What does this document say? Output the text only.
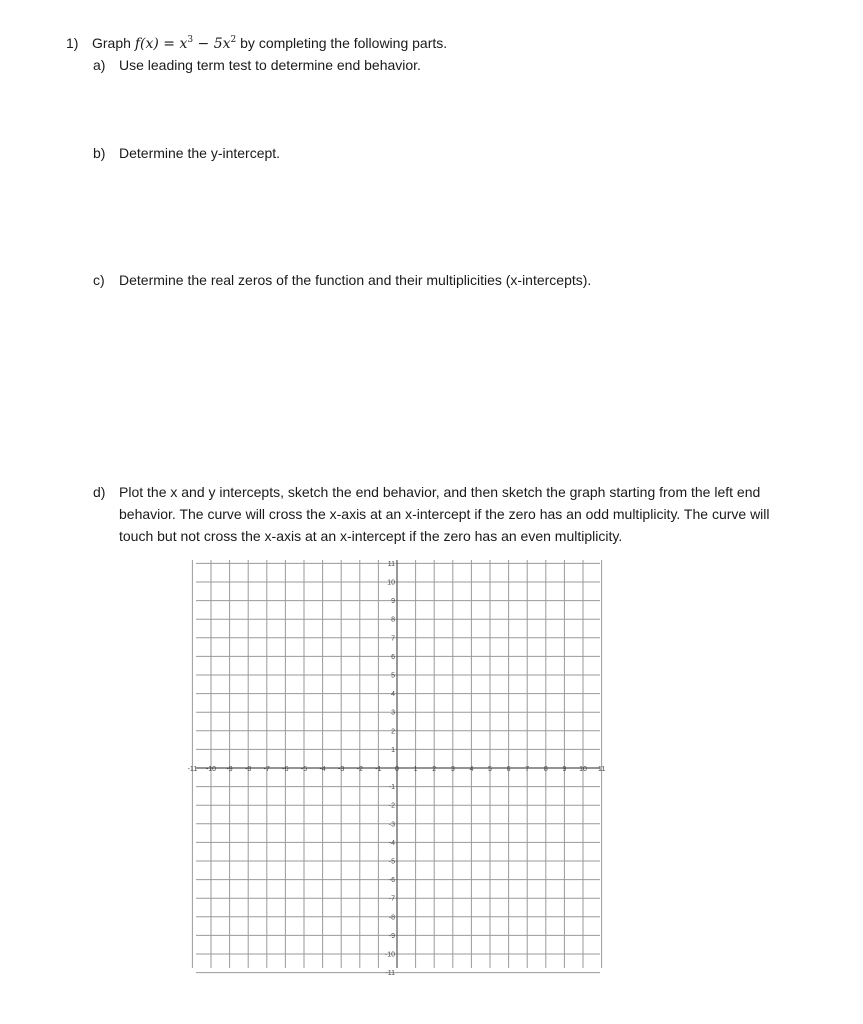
1) Graph $f(x) = x^3 - 5x^2$ by completing the following parts.
a) Use leading term test to determine end behavior.
b) Determine the y-intercept.
c) Determine the real zeros of the function and their multiplicities (x-intercepts).
d) Plot the x and y intercepts, sketch the end behavior, and then sketch the graph starting from the left end
behavior. The curve will cross the x-axis at an x-intercept if the zero has an odd multiplicity. The curve will
touch but not cross the x-axis at an x-intercept if the zero has an even multiplicity.
-11 -10 -9 -8 -7 -6 -5 -4 -3 -2 -1 0 1 2 3 4 5 6 7 8 9 10 11
11
10
9
8
7
6
5
4
3
2
1
-1
-2
-3
-4
-5
-6
-7
-8
-9
-10
-11
